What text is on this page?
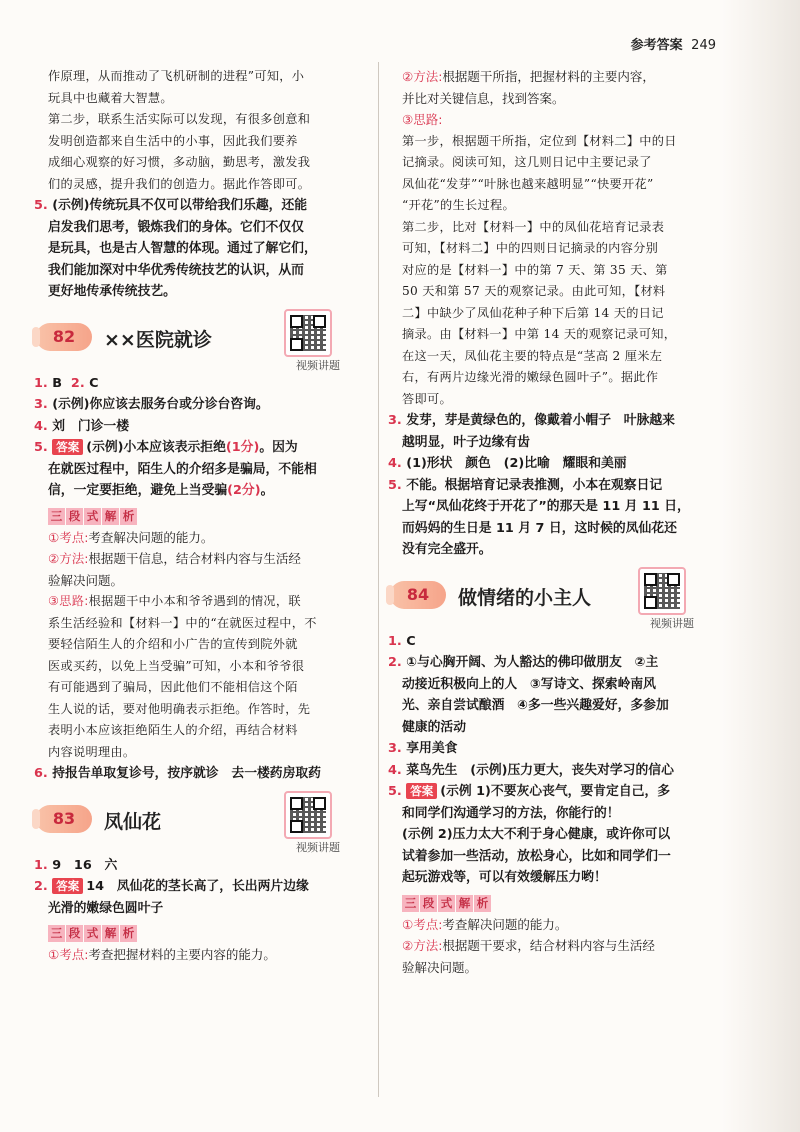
参考答案 249

作原理，从而推动了飞机研制的进程”可知，小

玩具中也藏着大智慧。

第二步，联系生活实际可以发现，有很多创意和

发明创造都来自生活中的小事，因此我们要养

成细心观察的好习惯，多动脑，勤思考，激发我

们的灵感，提升我们的创造力。据此作答即可。

5. (示例)传统玩具不仅可以带给我们乐趣，还能

启发我们思考，锻炼我们的身体。它们不仅仅

是玩具，也是古人智慧的体现。通过了解它们，

我们能加深对中华优秀传统技艺的认识，从而

更好地传承传统技艺。

82	××医院就诊
视频讲题

1. B 2. C

3. (示例)你应该去服务台或分诊台咨询。

4. 刘　门诊一楼

5. 答案 (示例)小本应该表示拒绝(1分)。因为

在就医过程中，陌生人的介绍多是骗局，不能相

信，一定要拒绝，避免上当受骗(2分)。

三 段 式 解 析

①考点:考查解决问题的能力。

②方法:根据题干信息，结合材料内容与生活经

验解决问题。

③思路:根据题干中小本和爷爷遇到的情况，联

系生活经验和【材料一】中的“在就医过程中，不

要轻信陌生人的介绍和小广告的宣传到院外就

医或买药，以免上当受骗”可知，小本和爷爷很

有可能遇到了骗局，因此他们不能相信这个陌

生人说的话，要对他明确表示拒绝。作答时，先

表明小本应该拒绝陌生人的介绍，再结合材料

内容说明理由。

6. 持报告单取复诊号，按序就诊　去一楼药房取药

83	凤仙花
视频讲题

1. 9　16　六

2. 答案 14　凤仙花的茎长高了，长出两片边缘

光滑的嫩绿色圆叶子

三 段 式 解 析

①考点:考查把握材料的主要内容的能力。

②方法:根据题干所指，把握材料的主要内容，

并比对关键信息，找到答案。

③思路:

第一步，根据题干所指，定位到【材料二】中的日

记摘录。阅读可知，这几则日记中主要记录了

凤仙花“发芽”“叶脉也越来越明显”“快要开花”

“开花”的生长过程。

第二步，比对【材料一】中的凤仙花培育记录表

可知，【材料二】中的四则日记摘录的内容分别

对应的是【材料一】中的第 7 天、第 35 天、第

50 天和第 57 天的观察记录。由此可知，【材料

二】中缺少了凤仙花种子种下后第 14 天的日记

摘录。由【材料一】中第 14 天的观察记录可知，

在这一天，凤仙花主要的特点是“茎高 2 厘米左

右，有两片边缘光滑的嫩绿色圆叶子”。据此作

答即可。

3. 发芽，芽是黄绿色的，像戴着小帽子　叶脉越来

越明显，叶子边缘有齿

4. (1)形状　颜色　(2)比喻　耀眼和美丽

5. 不能。根据培育记录表推测，小本在观察日记

上写“凤仙花终于开花了”的那天是 11 月 11 日，

而妈妈的生日是 11 月 7 日，这时候的凤仙花还

没有完全盛开。

84	做情绪的小主人
视频讲题

1. C

2. ①与心胸开阔、为人豁达的佛印做朋友　②主

动接近积极向上的人　③写诗文、探索岭南风

光、亲自尝试酿酒　④多一些兴趣爱好，多参加

健康的活动

3. 享用美食

4. 菜鸟先生　(示例)压力更大，丧失对学习的信心

5. 答案 (示例 1)不要灰心丧气，要肯定自己，多

和同学们沟通学习的方法，你能行的！

(示例 2)压力太大不利于身心健康，或许你可以

试着参加一些活动，放松身心，比如和同学们一

起玩游戏等，可以有效缓解压力哟！

三 段 式 解 析

①考点:考查解决问题的能力。

②方法:根据题干要求，结合材料内容与生活经

验解决问题。
